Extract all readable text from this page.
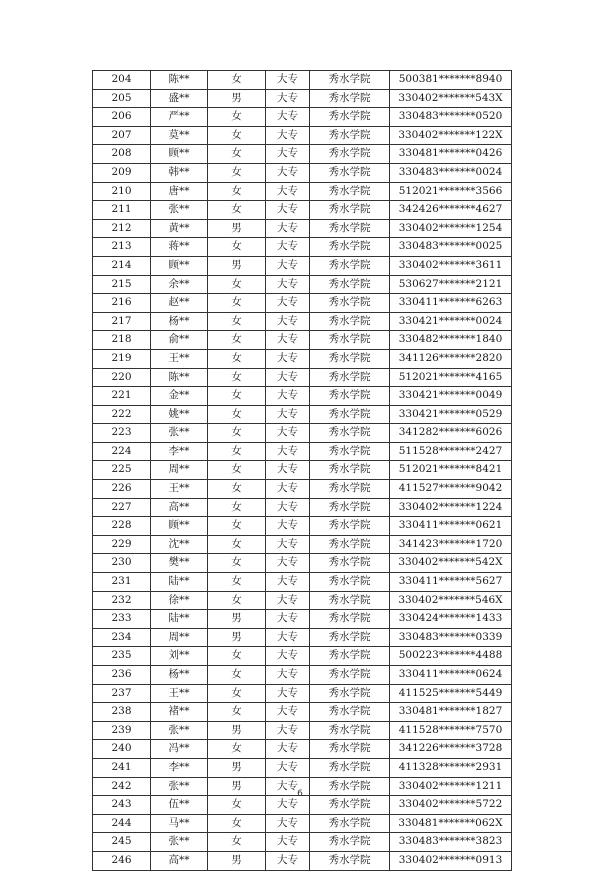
204	陈**	女	大专	秀水学院	500381*******8940
205	盛**	男	大专	秀水学院	330402*******543X
206	严**	女	大专	秀水学院	330483*******0520
207	莫**	女	大专	秀水学院	330402*******122X
208	顾**	女	大专	秀水学院	330481*******0426
209	韩**	女	大专	秀水学院	330483*******0024
210	唐**	女	大专	秀水学院	512021*******3566
211	张**	女	大专	秀水学院	342426*******4627
212	黄**	男	大专	秀水学院	330402*******1254
213	蒋**	女	大专	秀水学院	330483*******0025
214	顾**	男	大专	秀水学院	330402*******3611
215	余**	女	大专	秀水学院	530627*******2121
216	赵**	女	大专	秀水学院	330411*******6263
217	杨**	女	大专	秀水学院	330421*******0024
218	俞**	女	大专	秀水学院	330482*******1840
219	王**	女	大专	秀水学院	341126*******2820
220	陈**	女	大专	秀水学院	512021*******4165
221	金**	女	大专	秀水学院	330421*******0049
222	姚**	女	大专	秀水学院	330421*******0529
223	张**	女	大专	秀水学院	341282*******6026
224	李**	女	大专	秀水学院	511528*******2427
225	周**	女	大专	秀水学院	512021*******8421
226	王**	女	大专	秀水学院	411527*******9042
227	高**	女	大专	秀水学院	330402*******1224
228	顾**	女	大专	秀水学院	330411*******0621
229	沈**	女	大专	秀水学院	341423*******1720
230	樊**	女	大专	秀水学院	330402*******542X
231	陆**	女	大专	秀水学院	330411*******5627
232	徐**	女	大专	秀水学院	330402*******546X
233	陆**	男	大专	秀水学院	330424*******1433
234	周**	男	大专	秀水学院	330483*******0339
235	刘**	女	大专	秀水学院	500223*******4488
236	杨**	女	大专	秀水学院	330411*******0624
237	王**	女	大专	秀水学院	411525*******5449
238	褚**	女	大专	秀水学院	330481*******1827
239	张**	男	大专	秀水学院	411528*******7570
240	冯**	女	大专	秀水学院	341226*******3728
241	李**	男	大专	秀水学院	411328*******2931
242	张**	男	大专	秀水学院	330402*******1211
243	伍**	女	大专	秀水学院	330402*******5722
244	马**	女	大专	秀水学院	330481*******062X
245	张**	女	大专	秀水学院	330483*******3823
246	高**	男	大专	秀水学院	330402*******0913
6
